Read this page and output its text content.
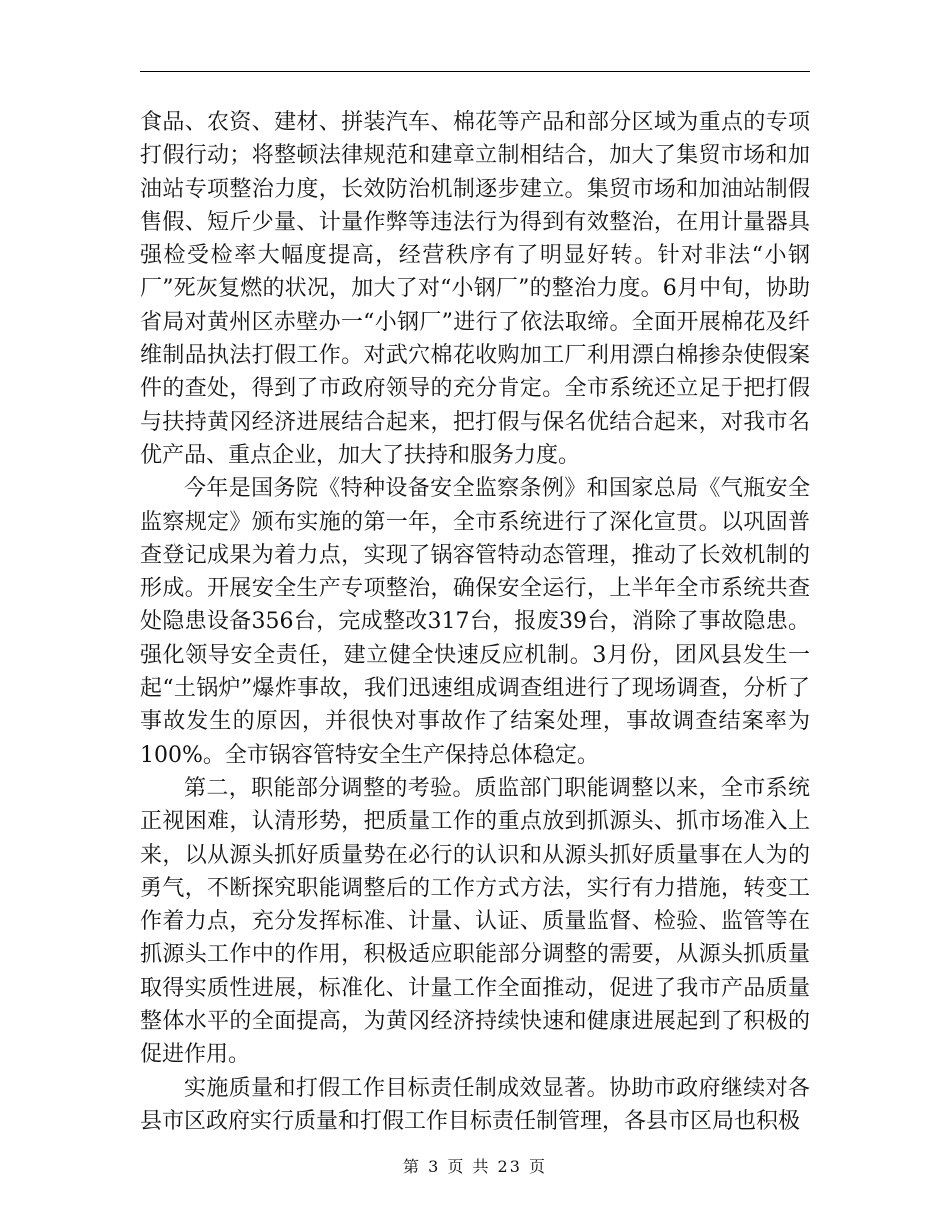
食品、农资、建材、拼装汽车、棉花等产品和部分区域为重点的专项打假行动；将整顿法律规范和建章立制相结合，加大了集贸市场和加油站专项整治力度，长效防治机制逐步建立。集贸市场和加油站制假售假、短斤少量、计量作弊等违法行为得到有效整治，在用计量器具强检受检率大幅度提高，经营秩序有了明显好转。针对非法“小钢厂”死灰复燃的状况，加大了对“小钢厂”的整治力度。6月中旬，协助省局对黄州区赤壁办一“小钢厂”进行了依法取缔。全面开展棉花及纤维制品执法打假工作。对武穴棉花收购加工厂利用漂白棉掺杂使假案件的查处，得到了市政府领导的充分肯定。全市系统还立足于把打假与扶持黄冈经济进展结合起来，把打假与保名优结合起来，对我市名优产品、重点企业，加大了扶持和服务力度。

今年是国务院《特种设备安全监察条例》和国家总局《气瓶安全监察规定》颁布实施的第一年，全市系统进行了深化宣贯。以巩固普查登记成果为着力点，实现了锅容管特动态管理，推动了长效机制的形成。开展安全生产专项整治，确保安全运行，上半年全市系统共查处隐患设备356台，完成整改317台，报废39台，消除了事故隐患。强化领导安全责任，建立健全快速反应机制。3月份，团风县发生一起“土锅炉”爆炸事故，我们迅速组成调查组进行了现场调查，分析了事故发生的原因，并很快对事故作了结案处理，事故调查结案率为100%。全市锅容管特安全生产保持总体稳定。

第二，职能部分调整的考验。质监部门职能调整以来，全市系统正视困难，认清形势，把质量工作的重点放到抓源头、抓市场准入上来，以从源头抓好质量势在必行的认识和从源头抓好质量事在人为的勇气，不断探究职能调整后的工作方式方法，实行有力措施，转变工作着力点，充分发挥标准、计量、认证、质量监督、检验、监管等在抓源头工作中的作用，积极适应职能部分调整的需要，从源头抓质量取得实质性进展，标准化、计量工作全面推动，促进了我市产品质量整体水平的全面提高，为黄冈经济持续快速和健康进展起到了积极的促进作用。

实施质量和打假工作目标责任制成效显著。协助市政府继续对各县市区政府实行质量和打假工作目标责任制管理，各县市区局也积极

第 3 页 共 23 页
